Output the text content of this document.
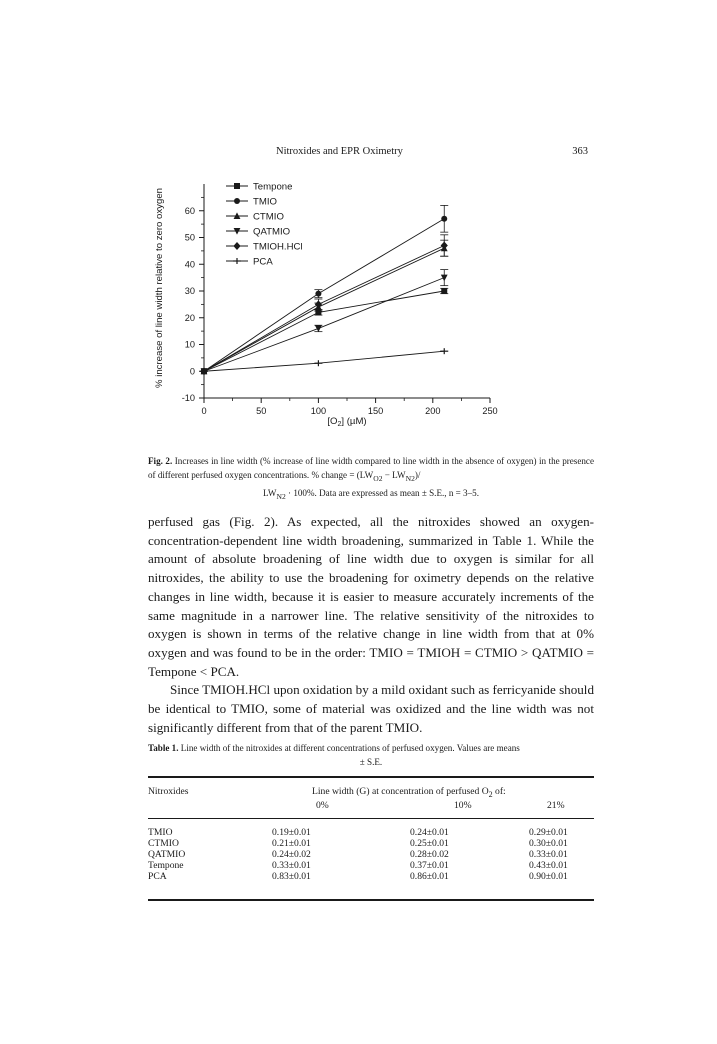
Nitroxides and EPR Oximetry	363
% increase of line width relative to zero oxygen
-10
0
10
20
30
40
50
60
0	50	100	150	200	250
Tempone
TMIO
CTMIO
QATMIO
TMIOH.HCl
PCA
$[O_2]$ (µM)
Fig. 2. Increases in line width (% increase of line width compared to line width in the absence of oxygen) in the presence of different perfused oxygen concentrations. % change = $(LW_{O2} - LW_{N2})/$
$LW_{N2} \cdot 100\%$. Data are expressed as mean ± S.E., n = 3–5.

perfused gas (Fig. 2). As expected, all the nitroxides showed an oxygen-concentration-dependent line width broadening, summarized in Table 1. While the amount of absolute broadening of line width due to oxygen is similar for all nitroxides, the ability to use the broadening for oximetry depends on the relative changes in line width, because it is easier to measure accurately increments of the same magnitude in a narrower line. The relative sensitivity of the nitroxides to oxygen is shown in terms of the relative change in line width from that at 0% oxygen and was found to be in the order: TMIO = TMIOH = CTMIO > QATMIO = Tempone < PCA.

Since TMIOH.HCl upon oxidation by a mild oxidant such as ferricyanide should be identical to TMIO, some of material was oxidized and the line width was not significantly different from that of the parent TMIO.

Table 1. Line width of the nitroxides at different concentrations of perfused oxygen. Values are means
± S.E.
Nitroxides	Line width (G) at concentration of perfused $O_2$ of:
0%	10%	21%
TMIO	0.19±0.01	0.24±0.01	0.29±0.01
CTMIO	0.21±0.01	0.25±0.01	0.30±0.01
QATMIO	0.24±0.02	0.28±0.02	0.33±0.01
Tempone	0.33±0.01	0.37±0.01	0.43±0.01
PCA	0.83±0.01	0.86±0.01	0.90±0.01
